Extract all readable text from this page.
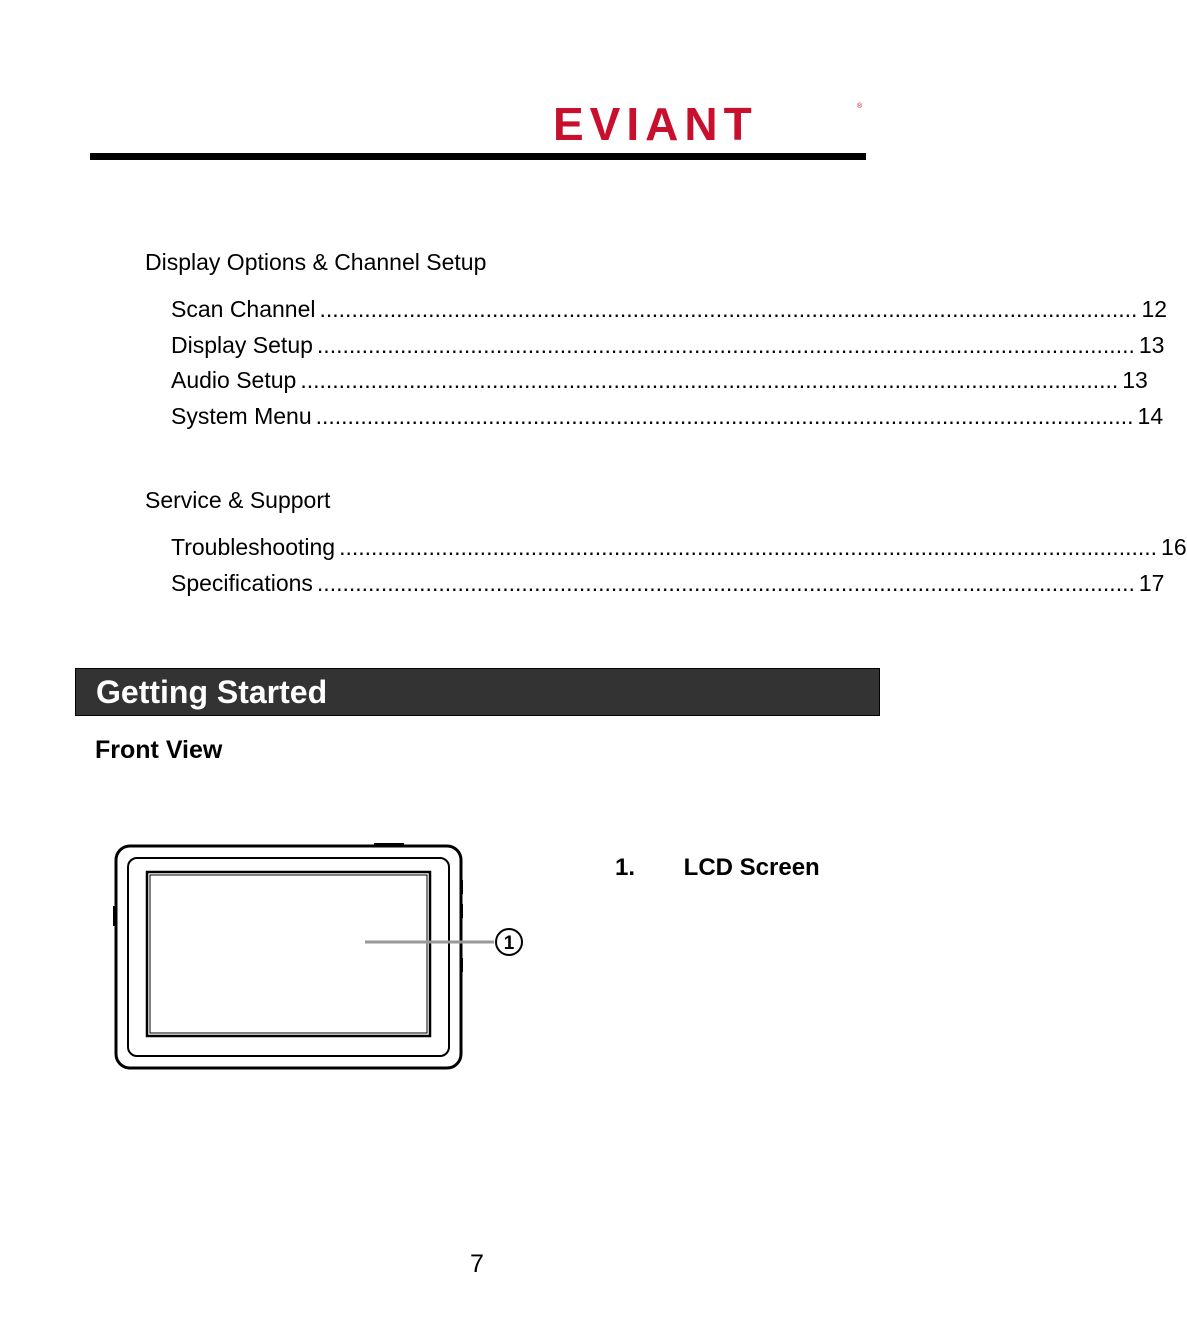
EVIANT	®
Display Options & Channel Setup
Scan Channel ................................................................................................................................ 12
Display Setup ................................................................................................................................ 13
Audio Setup ................................................................................................................................ 13
System Menu ................................................................................................................................ 14
Service & Support
Troubleshooting ................................................................................................................................ 16
Specifications ................................................................................................................................ 17
Getting Started
Front View
1
1. LCD Screen
7
